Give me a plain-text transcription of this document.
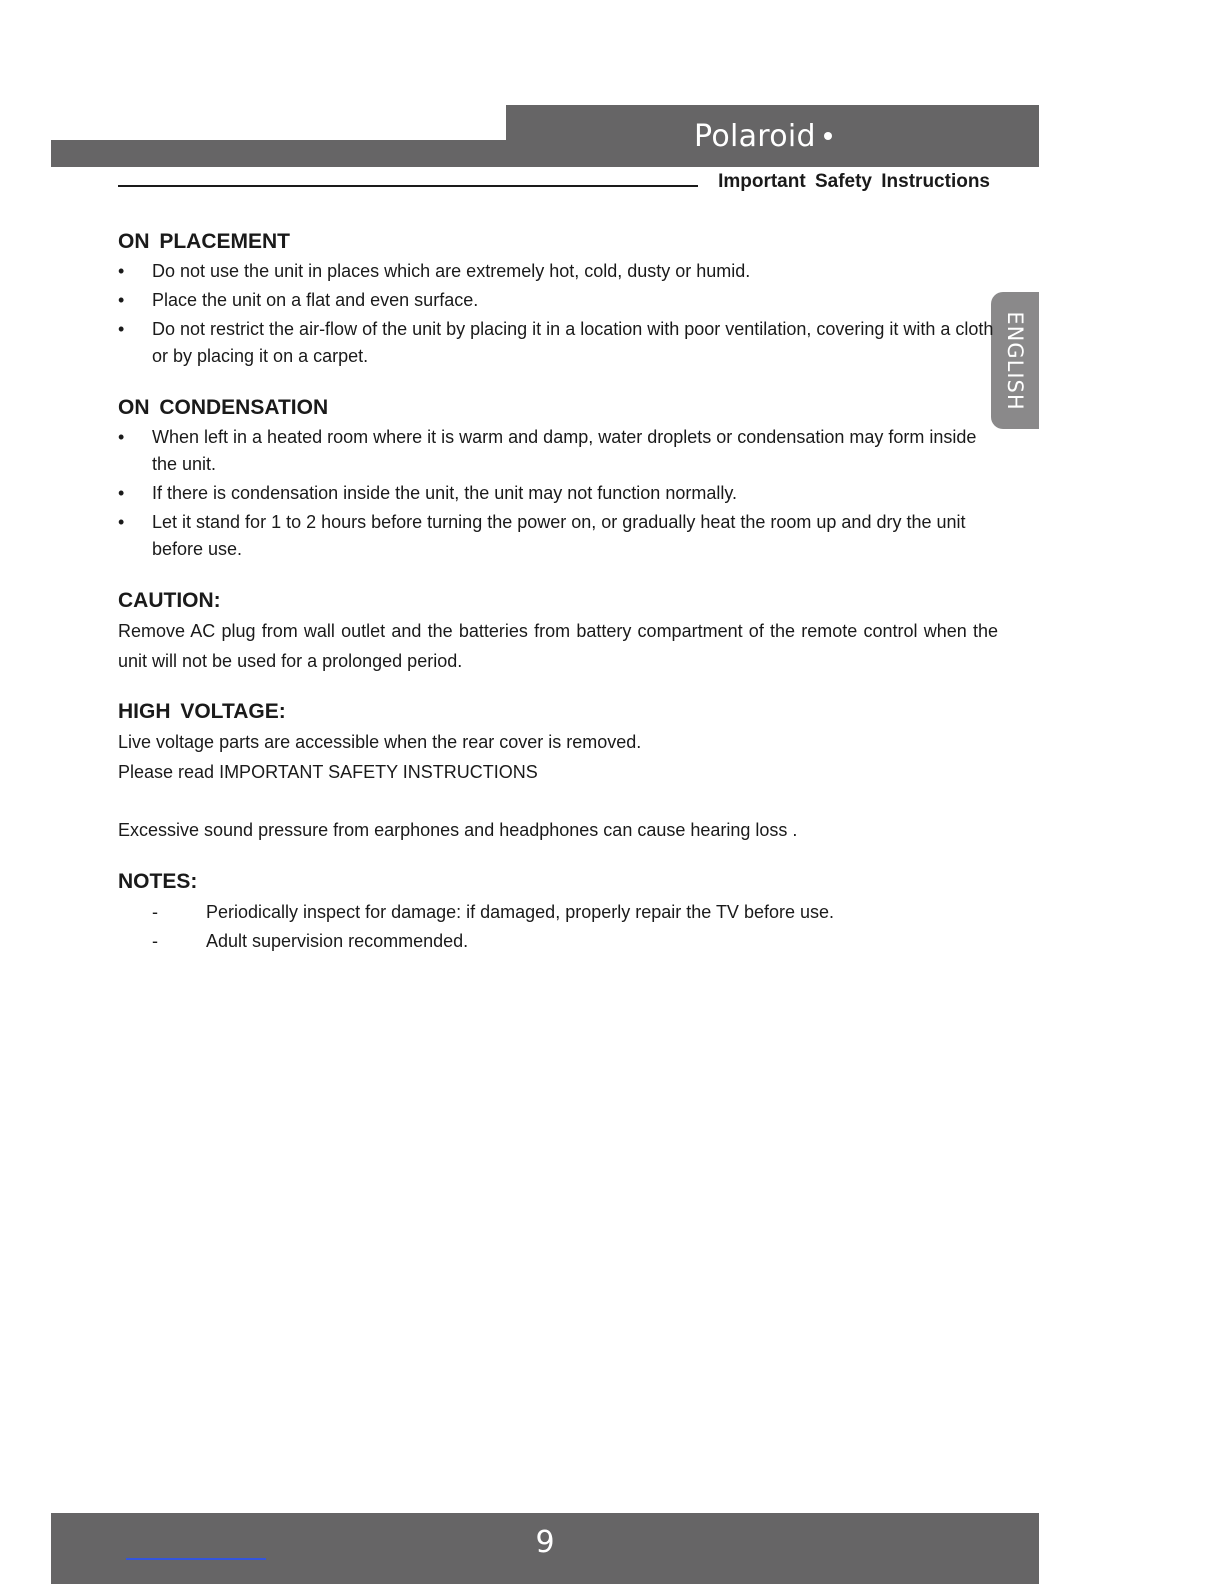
Polaroid
Important Safety Instructions
ENGLISH
ON PLACEMENT
• Do not use the unit in places which are extremely hot, cold, dusty or humid.
• Place the unit on a flat and even surface.
• Do not restrict the air-flow of the unit by placing it in a location with poor ventilation, covering it with a cloth or by placing it on a carpet.
ON CONDENSATION
• When left in a heated room where it is warm and damp, water droplets or condensation may form inside the unit.
• If there is condensation inside the unit, the unit may not function normally.
• Let it stand for 1 to 2 hours before turning the power on, or gradually heat the room up and dry the unit before use.
CAUTION:

Remove AC plug from wall outlet and the batteries from battery compartment of the remote control when the unit will not be used for a prolonged period.

HIGH VOLTAGE:

Live voltage parts are accessible when the rear cover is removed.

Please read IMPORTANT SAFETY INSTRUCTIONS

Excessive sound pressure from earphones and headphones can cause hearing loss .

NOTES:
- Periodically inspect for damage: if damaged, properly repair the TV before use.
- Adult supervision recommended.
9
